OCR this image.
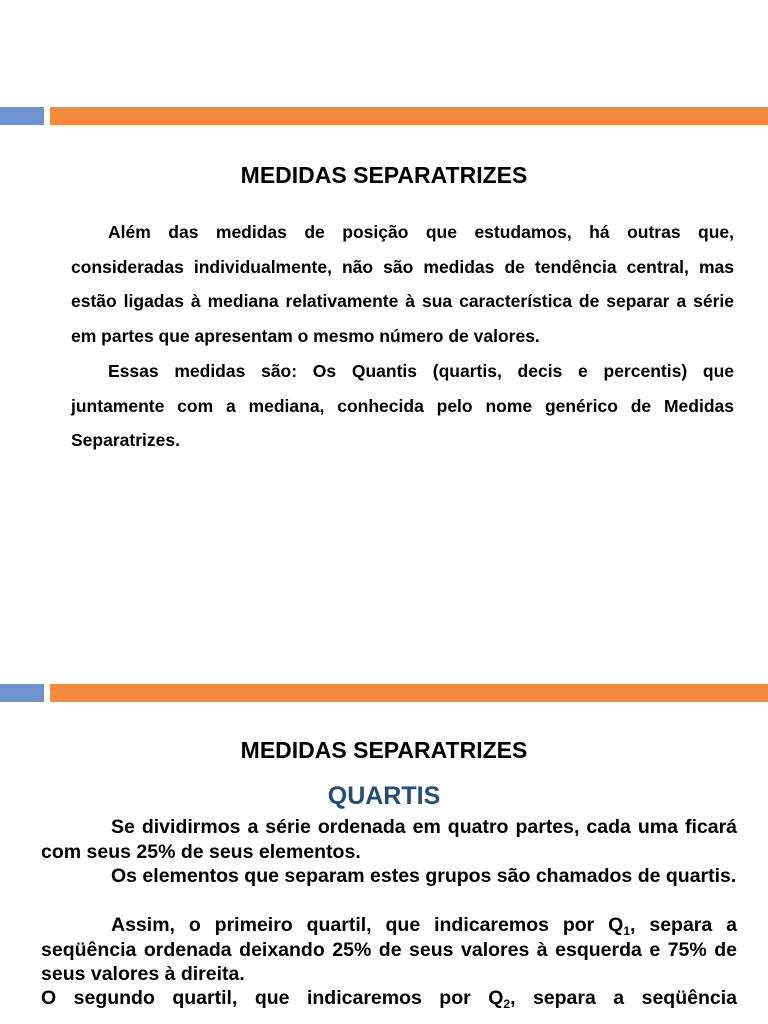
MEDIDAS SEPARATRIZES

Além das medidas de posição que estudamos, há outras que, consideradas individualmente, não são medidas de tendência central, mas estão ligadas à mediana relativamente à sua característica de separar a série em partes que apresentam o mesmo número de valores.

Essas medidas são: Os Quantis (quartis, decis e percentis) que juntamente com a mediana, conhecida pelo nome genérico de Medidas Separatrizes.

MEDIDAS SEPARATRIZES
QUARTIS

Se dividirmos a série ordenada em quatro partes, cada uma ficará com seus 25% de seus elementos.

Os elementos que separam estes grupos são chamados de quartis.

Assim, o primeiro quartil, que indicaremos por $Q_1$, separa a seqüência ordenada deixando 25% de seus valores à esquerda e 75% de seus valores à direita.

O segundo quartil, que indicaremos por $Q_2$, separa a seqüência
